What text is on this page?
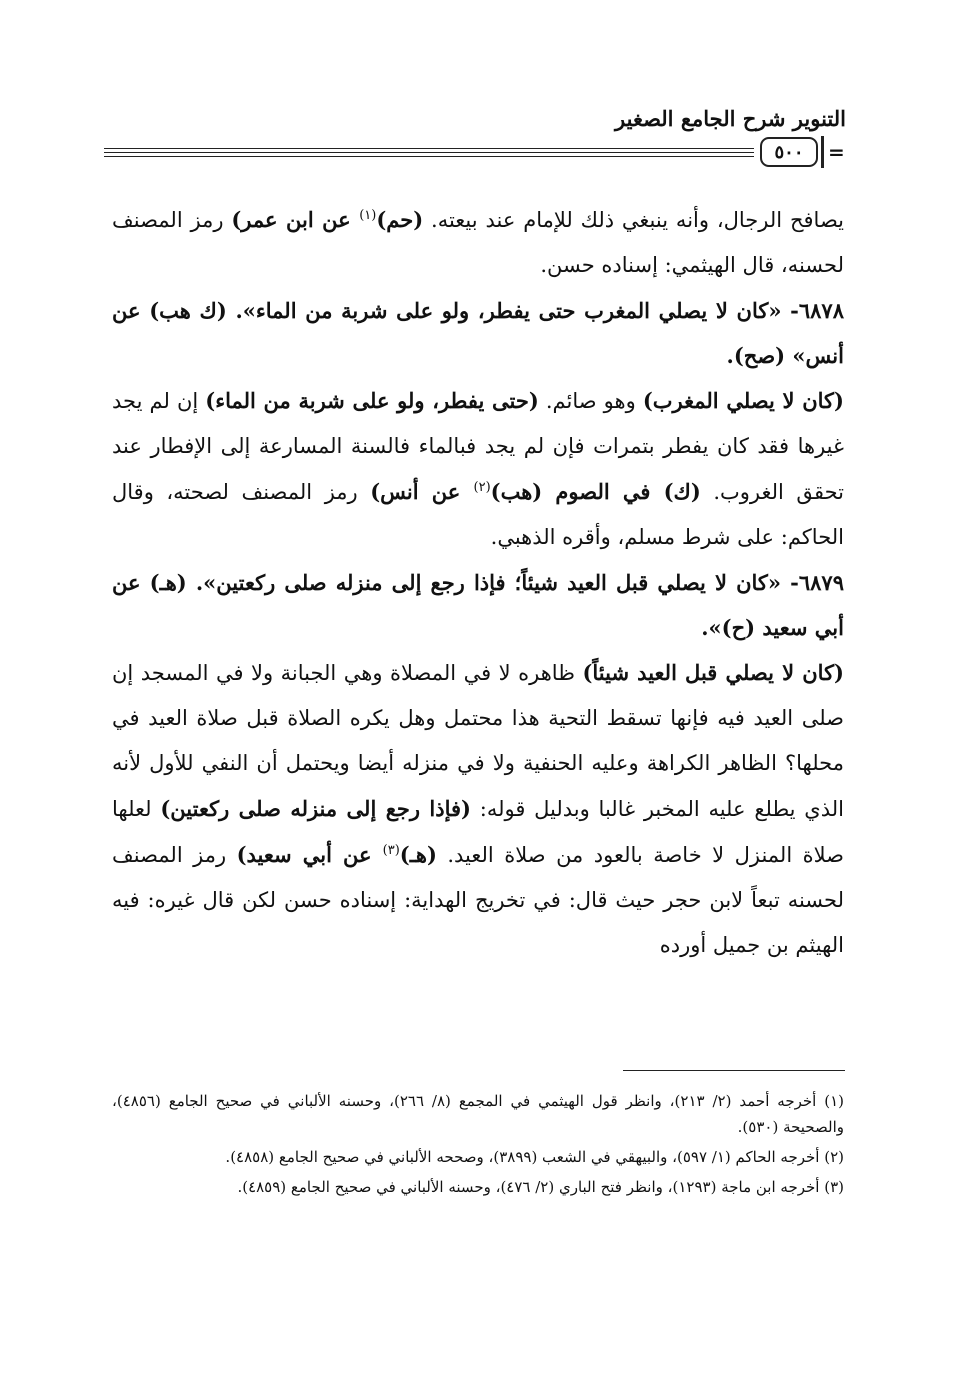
التنوير شرح الجامع الصغير
٥٠٠ =

يصافح الرجال، وأنه ينبغي ذلك للإمام عند بيعته. (حم)$^{(١)}$ عن ابن عمر) رمز المصنف لحسنه، قال الهيثمي: إسناده حسن.

٦٨٧٨- «كان لا يصلي المغرب حتى يفطر، ولو على شربة من الماء». (ك هب) عن أنس» (صح).

(كان لا يصلي المغرب) وهو صائم. (حتى يفطر، ولو على شربة من الماء) إن لم يجد غيرها فقد كان يفطر بتمرات فإن لم يجد فبالماء فالسنة المسارعة إلى الإفطار عند تحقق الغروب. (ك) في الصوم (هب)$^{(٢)}$ عن أنس) رمز المصنف لصحته، وقال الحاكم: على شرط مسلم، وأقره الذهبي.

٦٨٧٩- «كان لا يصلي قبل العيد شيئاً؛ فإذا رجع إلى منزله صلى ركعتين». (هـ) عن أبي سعيد (ح)».

(كان لا يصلي قبل العيد شيئاً) ظاهره لا في المصلاة وهي الجبانة ولا في المسجد إن صلى العيد فيه فإنها تسقط التحية هذا محتمل وهل يكره الصلاة قبل صلاة العيد في محلها؟ الظاهر الكراهة وعليه الحنفية ولا في منزله أيضا ويحتمل أن النفي للأول لأنه الذي يطلع عليه المخبر غالبا وبدليل قوله: (فإذا رجع إلى منزله صلى ركعتين) لعلها صلاة المنزل لا خاصة بالعود من صلاة العيد. (هـ)$^{(٣)}$ عن أبي سعيد) رمز المصنف لحسنه تبعاً لابن حجر حيث قال: في تخريج الهداية: إسناده حسن لكن قال غيره: فيه الهيثم بن جميل أورده

(١) أخرجه أحمد (٢/ ٢١٣)، وانظر قول الهيثمي في المجمع (٨/ ٢٦٦)، وحسنه الألباني في صحيح الجامع (٤٨٥٦)، والصحيحة (٥٣٠).

(٢) أخرجه الحاكم (١/ ٥٩٧)، والبيهقي في الشعب (٣٨٩٩)، وصححه الألباني في صحيح الجامع (٤٨٥٨).

(٣) أخرجه ابن ماجة (١٢٩٣)، وانظر فتح الباري (٢/ ٤٧٦)، وحسنه الألباني في صحيح الجامع (٤٨٥٩).
